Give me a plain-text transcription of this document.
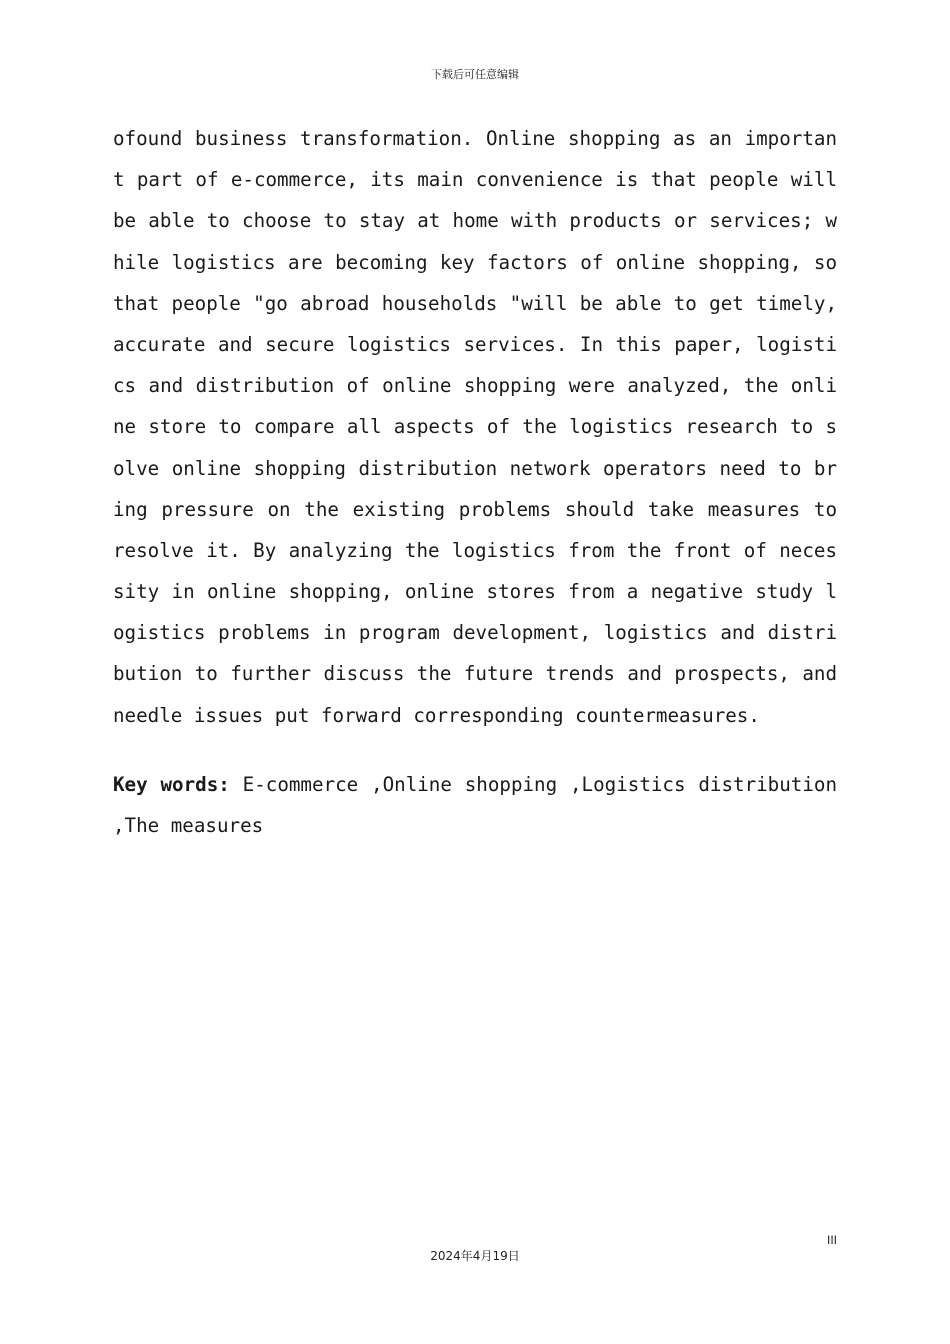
下载后可任意编辑
ofound business transformation. Online shopping as an importan
t part of e-commerce, its main convenience is that people will
be able to choose to stay at home with products or services; w
hile logistics are becoming key factors of online shopping, so
that people "go abroad households "will be able to get timely,
accurate and secure logistics services. In this paper, logisti
cs and distribution of online shopping were analyzed, the onli
ne store to compare all aspects of the logistics research to s
olve online shopping distribution network operators need to br
ing pressure on the existing problems should take measures to
resolve it. By analyzing the logistics from the front of neces
sity in online shopping, online stores from a negative study l
ogistics problems in program development, logistics and distri
bution to further discuss the future trends and prospects, and
needle issues put forward corresponding countermeasures.
Key words: E-commerce ,Online shopping ,Logistics distribution
,The measures
III
2024年4月19日
